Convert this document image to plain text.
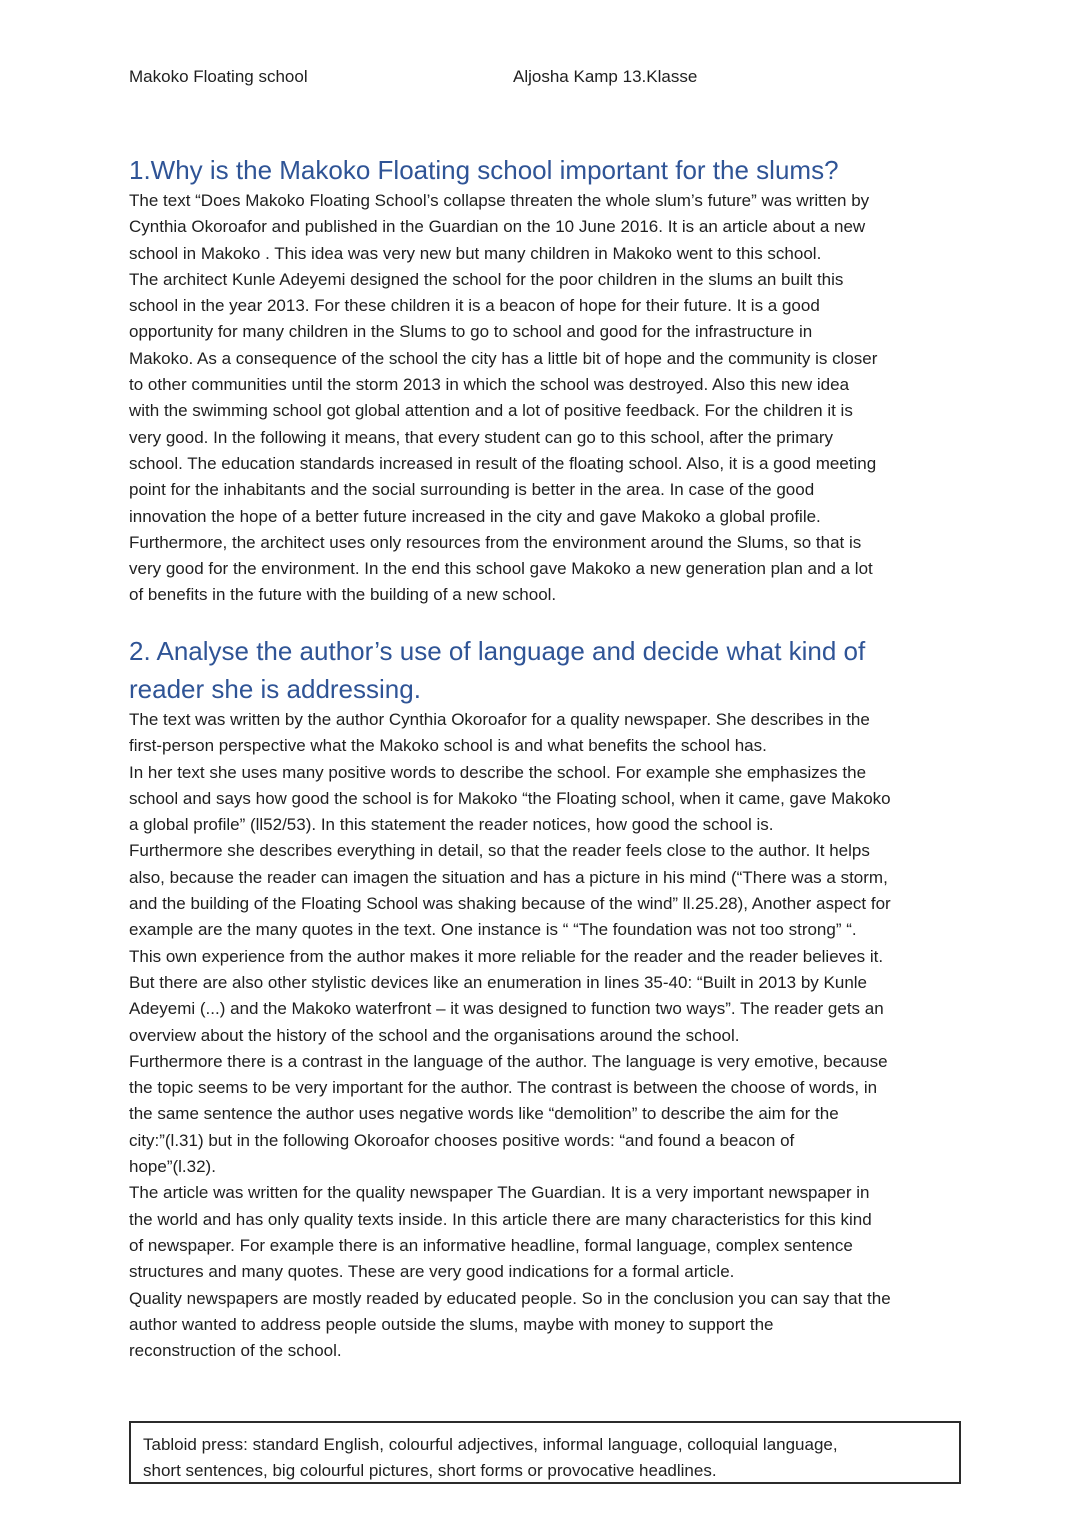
Makoko Floating school	Aljosha Kamp 13.Klasse
1.Why is the Makoko Floating school important for the slums?

The text “Does Makoko Floating School’s collapse threaten the whole slum’s future” was written by
Cynthia Okoroafor and published in the Guardian on the 10 June 2016. It is an article about a new
school in Makoko . This idea was very new but many children in Makoko went to this school.
The architect Kunle Adeyemi designed the school for the poor children in the slums an built this
school in the year 2013. For these children it is a beacon of hope for their future. It is a good
opportunity for many children in the Slums to go to school and good for the infrastructure in
Makoko. As a consequence of the school the city has a little bit of hope and the community is closer
to other communities until the storm 2013 in which the school was destroyed. Also this new idea
with the swimming school got global attention and a lot of positive feedback. For the children it is
very good. In the following it means, that every student can go to this school, after the primary
school. The education standards increased in result of the floating school. Also, it is a good meeting
point for the inhabitants and the social surrounding is better in the area. In case of the good
innovation the hope of a better future increased in the city and gave Makoko a global profile.
Furthermore, the architect uses only resources from the environment around the Slums, so that is
very good for the environment. In the end this school gave Makoko a new generation plan and a lot
of benefits in the future with the building of a new school.

2. Analyse the author’s use of language and decide what kind of
reader she is addressing.

The text was written by the author Cynthia Okoroafor for a quality newspaper. She describes in the
first-person perspective what the Makoko school is and what benefits the school has.
In her text she uses many positive words to describe the school. For example she emphasizes the
school and says how good the school is for Makoko “the Floating school, when it came, gave Makoko
a global profile” (ll52/53). In this statement the reader notices, how good the school is.
Furthermore she describes everything in detail, so that the reader feels close to the author. It helps
also, because the reader can imagen the situation and has a picture in his mind (“There was a storm,
and the building of the Floating School was shaking because of the wind” ll.25.28), Another aspect for
example are the many quotes in the text. One instance is “ “The foundation was not too strong” “.
This own experience from the author makes it more reliable for the reader and the reader believes it.
But there are also other stylistic devices like an enumeration in lines 35-40: “Built in 2013 by Kunle
Adeyemi (...) and the Makoko waterfront – it was designed to function two ways”. The reader gets an
overview about the history of the school and the organisations around the school.
Furthermore there is a contrast in the language of the author. The language is very emotive, because
the topic seems to be very important for the author. The contrast is between the choose of words, in
the same sentence the author uses negative words like “demolition” to describe the aim for the
city:”(l.31) but in the following Okoroafor chooses positive words: “and found a beacon of
hope”(l.32).
The article was written for the quality newspaper The Guardian. It is a very important newspaper in
the world and has only quality texts inside. In this article there are many characteristics for this kind
of newspaper. For example there is an informative headline, formal language, complex sentence
structures and many quotes. These are very good indications for a formal article.
Quality newspapers are mostly readed by educated people. So in the conclusion you can say that the
author wanted to address people outside the slums, maybe with money to support the
reconstruction of the school.

Tabloid press: standard English, colourful adjectives, informal language, colloquial language,
short sentences, big colourful pictures, short forms or provocative headlines.
